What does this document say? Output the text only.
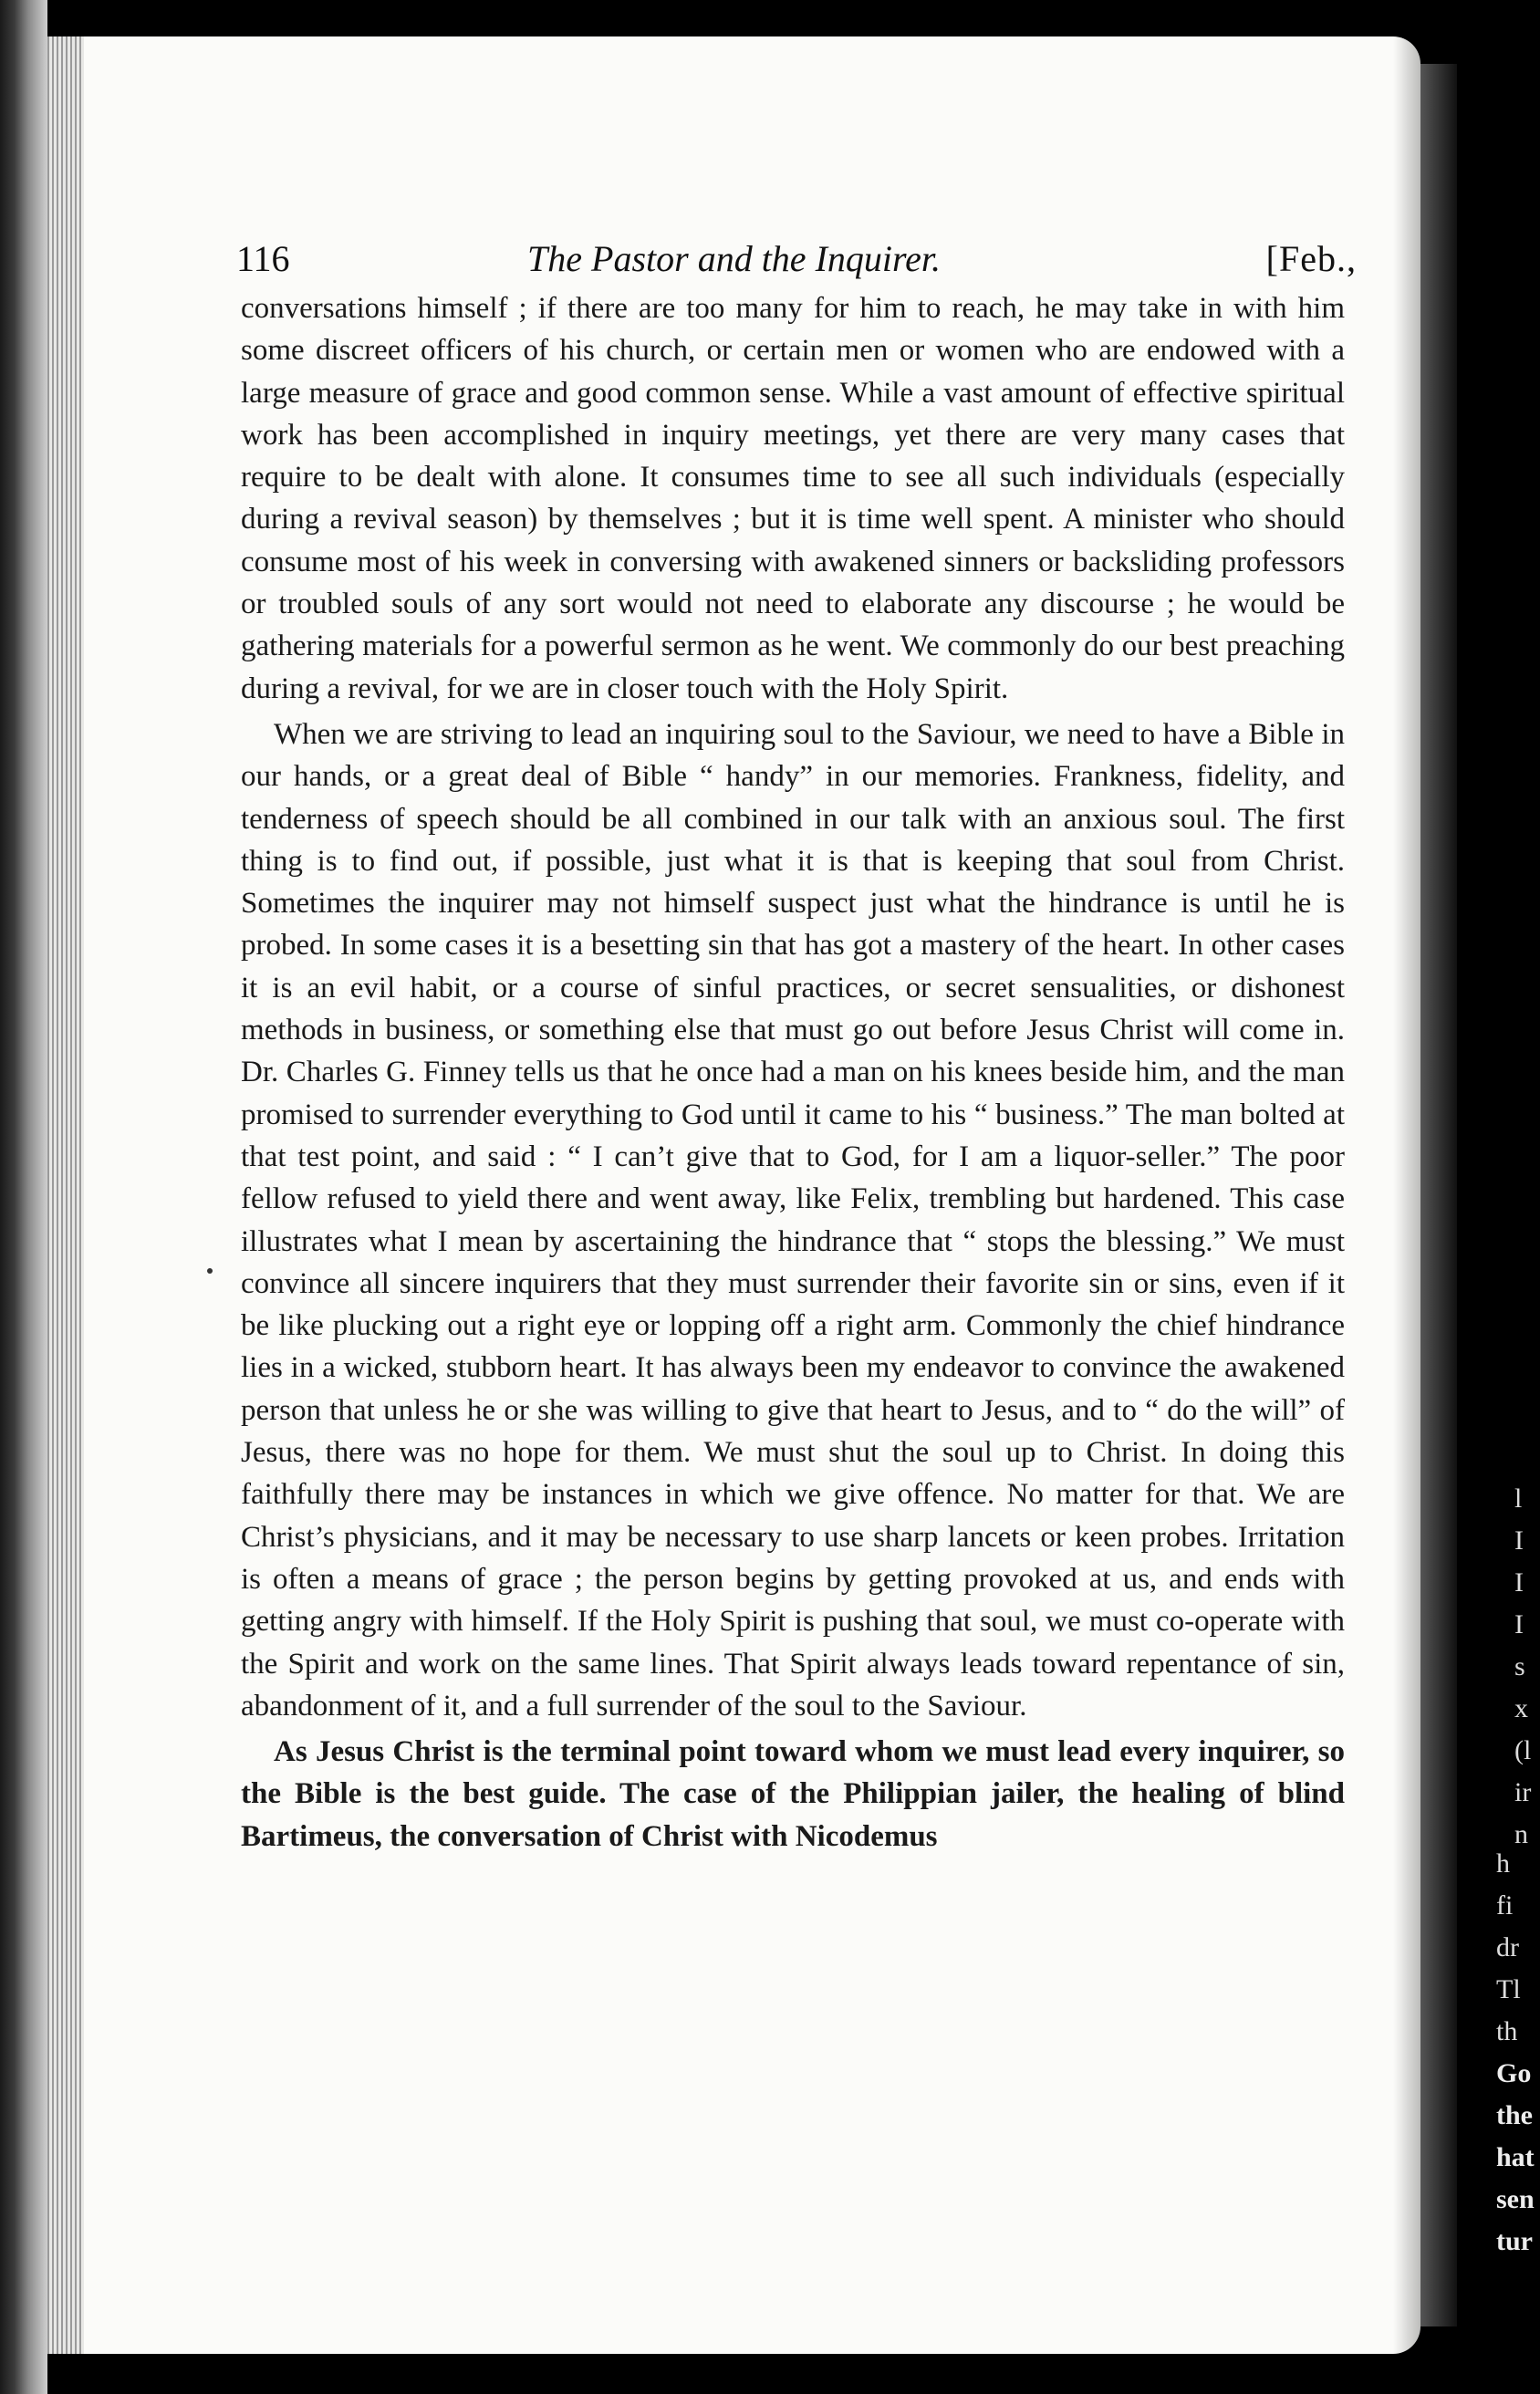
l
I
I
I
s
x
(l
ir
n
h
fi
dr
Tl
th
Go
the
hat
sen
tur
116	The Pastor and the Inquirer.	[Feb.,

conversations himself ; if there are too many for him to reach, he may take in with him some discreet officers of his church, or certain men or women who are endowed with a large measure of grace and good common sense. While a vast amount of effective spiritual work has been accomplished in inquiry meetings, yet there are very many cases that require to be dealt with alone. It consumes time to see all such individuals (especially during a revival season) by themselves ; but it is time well spent. A minister who should consume most of his week in conversing with awakened sinners or backsliding professors or troubled souls of any sort would not need to elaborate any discourse ; he would be gathering materials for a powerful sermon as he went. We commonly do our best preaching during a revival, for we are in closer touch with the Holy Spirit.

When we are striving to lead an inquiring soul to the Saviour, we need to have a Bible in our hands, or a great deal of Bible “ handy” in our memories. Frankness, fidelity, and tenderness of speech should be all combined in our talk with an anxious soul. The first thing is to find out, if possible, just what it is that is keeping that soul from Christ. Sometimes the inquirer may not himself suspect just what the hindrance is until he is probed. In some cases it is a besetting sin that has got a mastery of the heart. In other cases it is an evil habit, or a course of sinful practices, or secret sensualities, or dishonest methods in business, or something else that must go out before Jesus Christ will come in. Dr. Charles G. Finney tells us that he once had a man on his knees beside him, and the man promised to surrender everything to God until it came to his “ business.” The man bolted at that test point, and said : “ I can’t give that to God, for I am a liquor-seller.” The poor fellow refused to yield there and went away, like Felix, trembling but hardened. This case illustrates what I mean by ascertaining the hindrance that “ stops the blessing.” We must convince all sincere inquirers that they must surrender their favorite sin or sins, even if it be like plucking out a right eye or lopping off a right arm. Commonly the chief hindrance lies in a wicked, stubborn heart. It has always been my endeavor to convince the awakened person that unless he or she was willing to give that heart to Jesus, and to “ do the will” of Jesus, there was no hope for them. We must shut the soul up to Christ. In doing this faithfully there may be instances in which we give offence. No matter for that. We are Christ’s physicians, and it may be necessary to use sharp lancets or keen probes. Irritation is often a means of grace ; the person begins by getting provoked at us, and ends with getting angry with himself. If the Holy Spirit is pushing that soul, we must co-operate with the Spirit and work on the same lines. That Spirit always leads toward repentance of sin, abandonment of it, and a full surrender of the soul to the Saviour.

As Jesus Christ is the terminal point toward whom we must lead every inquirer, so the Bible is the best guide. The case of the Philippian jailer, the healing of blind Bartimeus, the conversation of Christ with Nicodemus
